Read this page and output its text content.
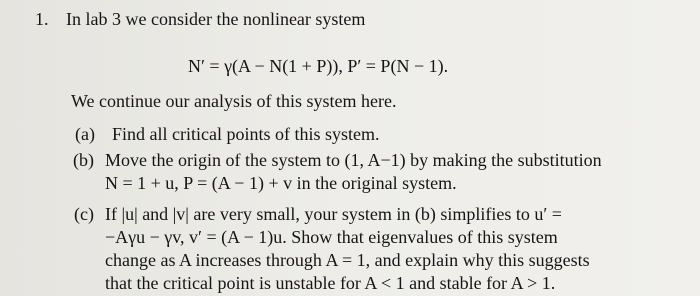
1. In lab 3 we consider the nonlinear system
N′ = γ(A − N(1 + P)), P′ = P(N − 1).
We continue our analysis of this system here.
(a) Find all critical points of this system.
(b) Move the origin of the system to (1, A−1) by making the substitution
N = 1 + u, P = (A − 1) + v in the original system.
(c) If |u| and |v| are very small, your system in (b) simplifies to u′ =
−Aγu − γv, v′ = (A − 1)u. Show that eigenvalues of this system
change as A increases through A = 1, and explain why this suggests
that the critical point is unstable for A < 1 and stable for A > 1.
